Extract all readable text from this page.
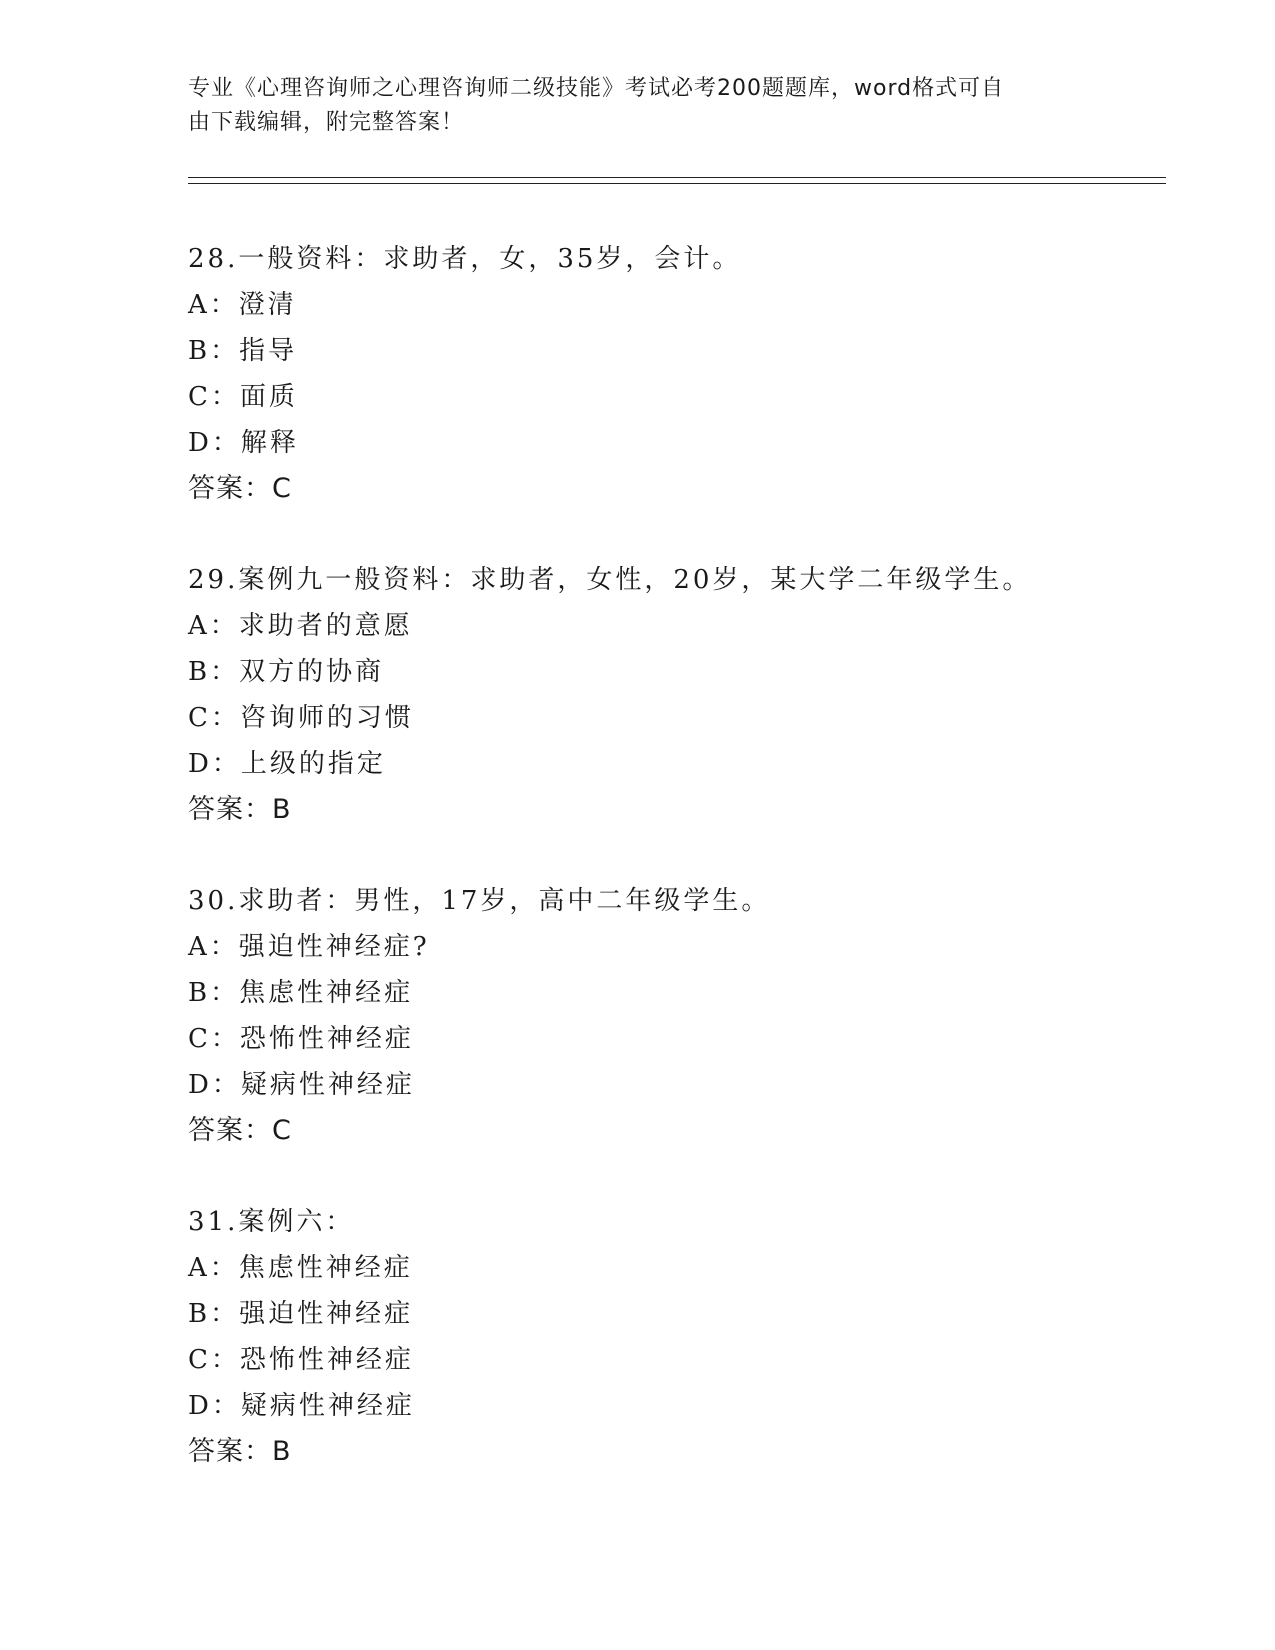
专业《心理咨询师之心理咨询师二级技能》考试必考200题题库，word格式可自
由下载编辑，附完整答案！
28.一般资料：求助者，女，35岁，会计。
A：澄清
B：指导
C：面质
D：解释
答案：C
29.案例九一般资料：求助者，女性，20岁，某大学二年级学生。
A：求助者的意愿
B：双方的协商
C：咨询师的习惯
D：上级的指定
答案：B
30.求助者：男性，17岁，高中二年级学生。
A：强迫性神经症?
B：焦虑性神经症
C：恐怖性神经症
D：疑病性神经症
答案：C
31.案例六：
A：焦虑性神经症
B：强迫性神经症
C：恐怖性神经症
D：疑病性神经症
答案：B
